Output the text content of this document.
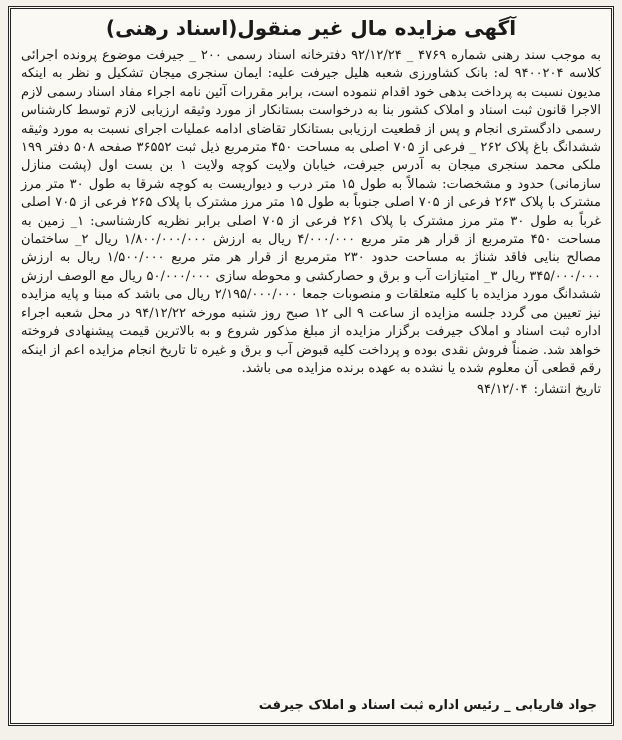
آگهی مزایده مال غیر منقول(اسناد رهنی)

به موجب سند رهنی شماره ۴۷۶۹ _ ۹۲/۱۲/۲۴ دفترخانه اسناد رسمی ۲۰۰ _ جیرفت موضوع پرونده اجرائی کلاسه ۹۴۰۰۲۰۴ له: بانک کشاورزی شعبه هلیل جیرفت علیه: ایمان سنجری میجان تشکیل و نظر به اینکه مدیون نسبت به پرداخت بدهی خود اقدام ننموده است، برابر مقررات آئین نامه اجراء مفاد اسناد رسمی لازم الاجرا قانون ثبت اسناد و املاک کشور بنا به درخواست بستانکار از مورد وثیقه ارزیابی لازم توسط کارشناس رسمی دادگستری انجام و پس از قطعیت ارزیابی بستانکار تقاضای ادامه عملیات اجرای نسبت به مورد وثیقه ششدانگ باغ پلاک ۲۶۲ _ فرعی از ۷۰۵ اصلی به مساحت ۴۵۰ مترمربع ذیل ثبت ۳۶۵۵۲ صفحه ۵۰۸ دفتر ۱۹۹ ملکی محمد سنجری میجان به آدرس جیرفت، خیابان ولایت کوچه ولایت ۱ بن بست اول (پشت منازل سازمانی) حدود و مشخصات: شمالاً به طول ۱۵ متر درب و دیواریست به کوچه شرقا به طول ۳۰ متر مرز مشترک با پلاک ۲۶۳ فرعی از ۷۰۵ اصلی جنوباً به طول ۱۵ متر مرز مشترک با پلاک ۲۶۵ فرعی از ۷۰۵ اصلی غرباً به طول ۳۰ متر مرز مشترک با پلاک ۲۶۱ فرعی از ۷۰۵ اصلی برابر نظریه کارشناسی: ۱_ زمین به مساحت ۴۵۰ مترمربع از قرار هر متر مربع ۴/۰۰۰/۰۰۰ ریال به ارزش ۱/۸۰۰/۰۰۰/۰۰۰ ریال ۲_ ساختمان مصالح بنایی فاقد شناژ به مساحت حدود ۲۳۰ مترمربع از قرار هر متر مربع ۱/۵۰۰/۰۰۰ ریال به ارزش ۳۴۵/۰۰۰/۰۰۰ ریال ۳_ امتیازات آب و برق و حصارکشی و محوطه سازی ۵۰/۰۰۰/۰۰۰ ریال مع الوصف ارزش ششدانگ مورد مزایده با کلیه متعلقات و منصوبات جمعا ۲/۱۹۵/۰۰۰/۰۰۰ ریال می باشد که مبنا و پایه مزایده نیز تعیین می گردد جلسه مزایده از ساعت ۹ الی ۱۲ صبح روز شنبه مورخه ۹۴/۱۲/۲۲ در محل شعبه اجراء اداره ثبت اسناد و املاک جیرفت برگزار مزایده از مبلغ مذکور شروع و به بالاترین قیمت پیشنهادی فروخته خواهد شد. ضمناً فروش نقدی بوده و پرداخت کلیه قبوض آب و برق و غیره تا تاریخ انجام مزایده اعم از اینکه رقم قطعی آن معلوم شده یا نشده به عهده برنده مزایده می باشد.

تاریخ انتشار:۹۴/۱۲/۰۴
جواد فاریابی _ رئیس اداره ثبت اسناد و املاک جیرفت
